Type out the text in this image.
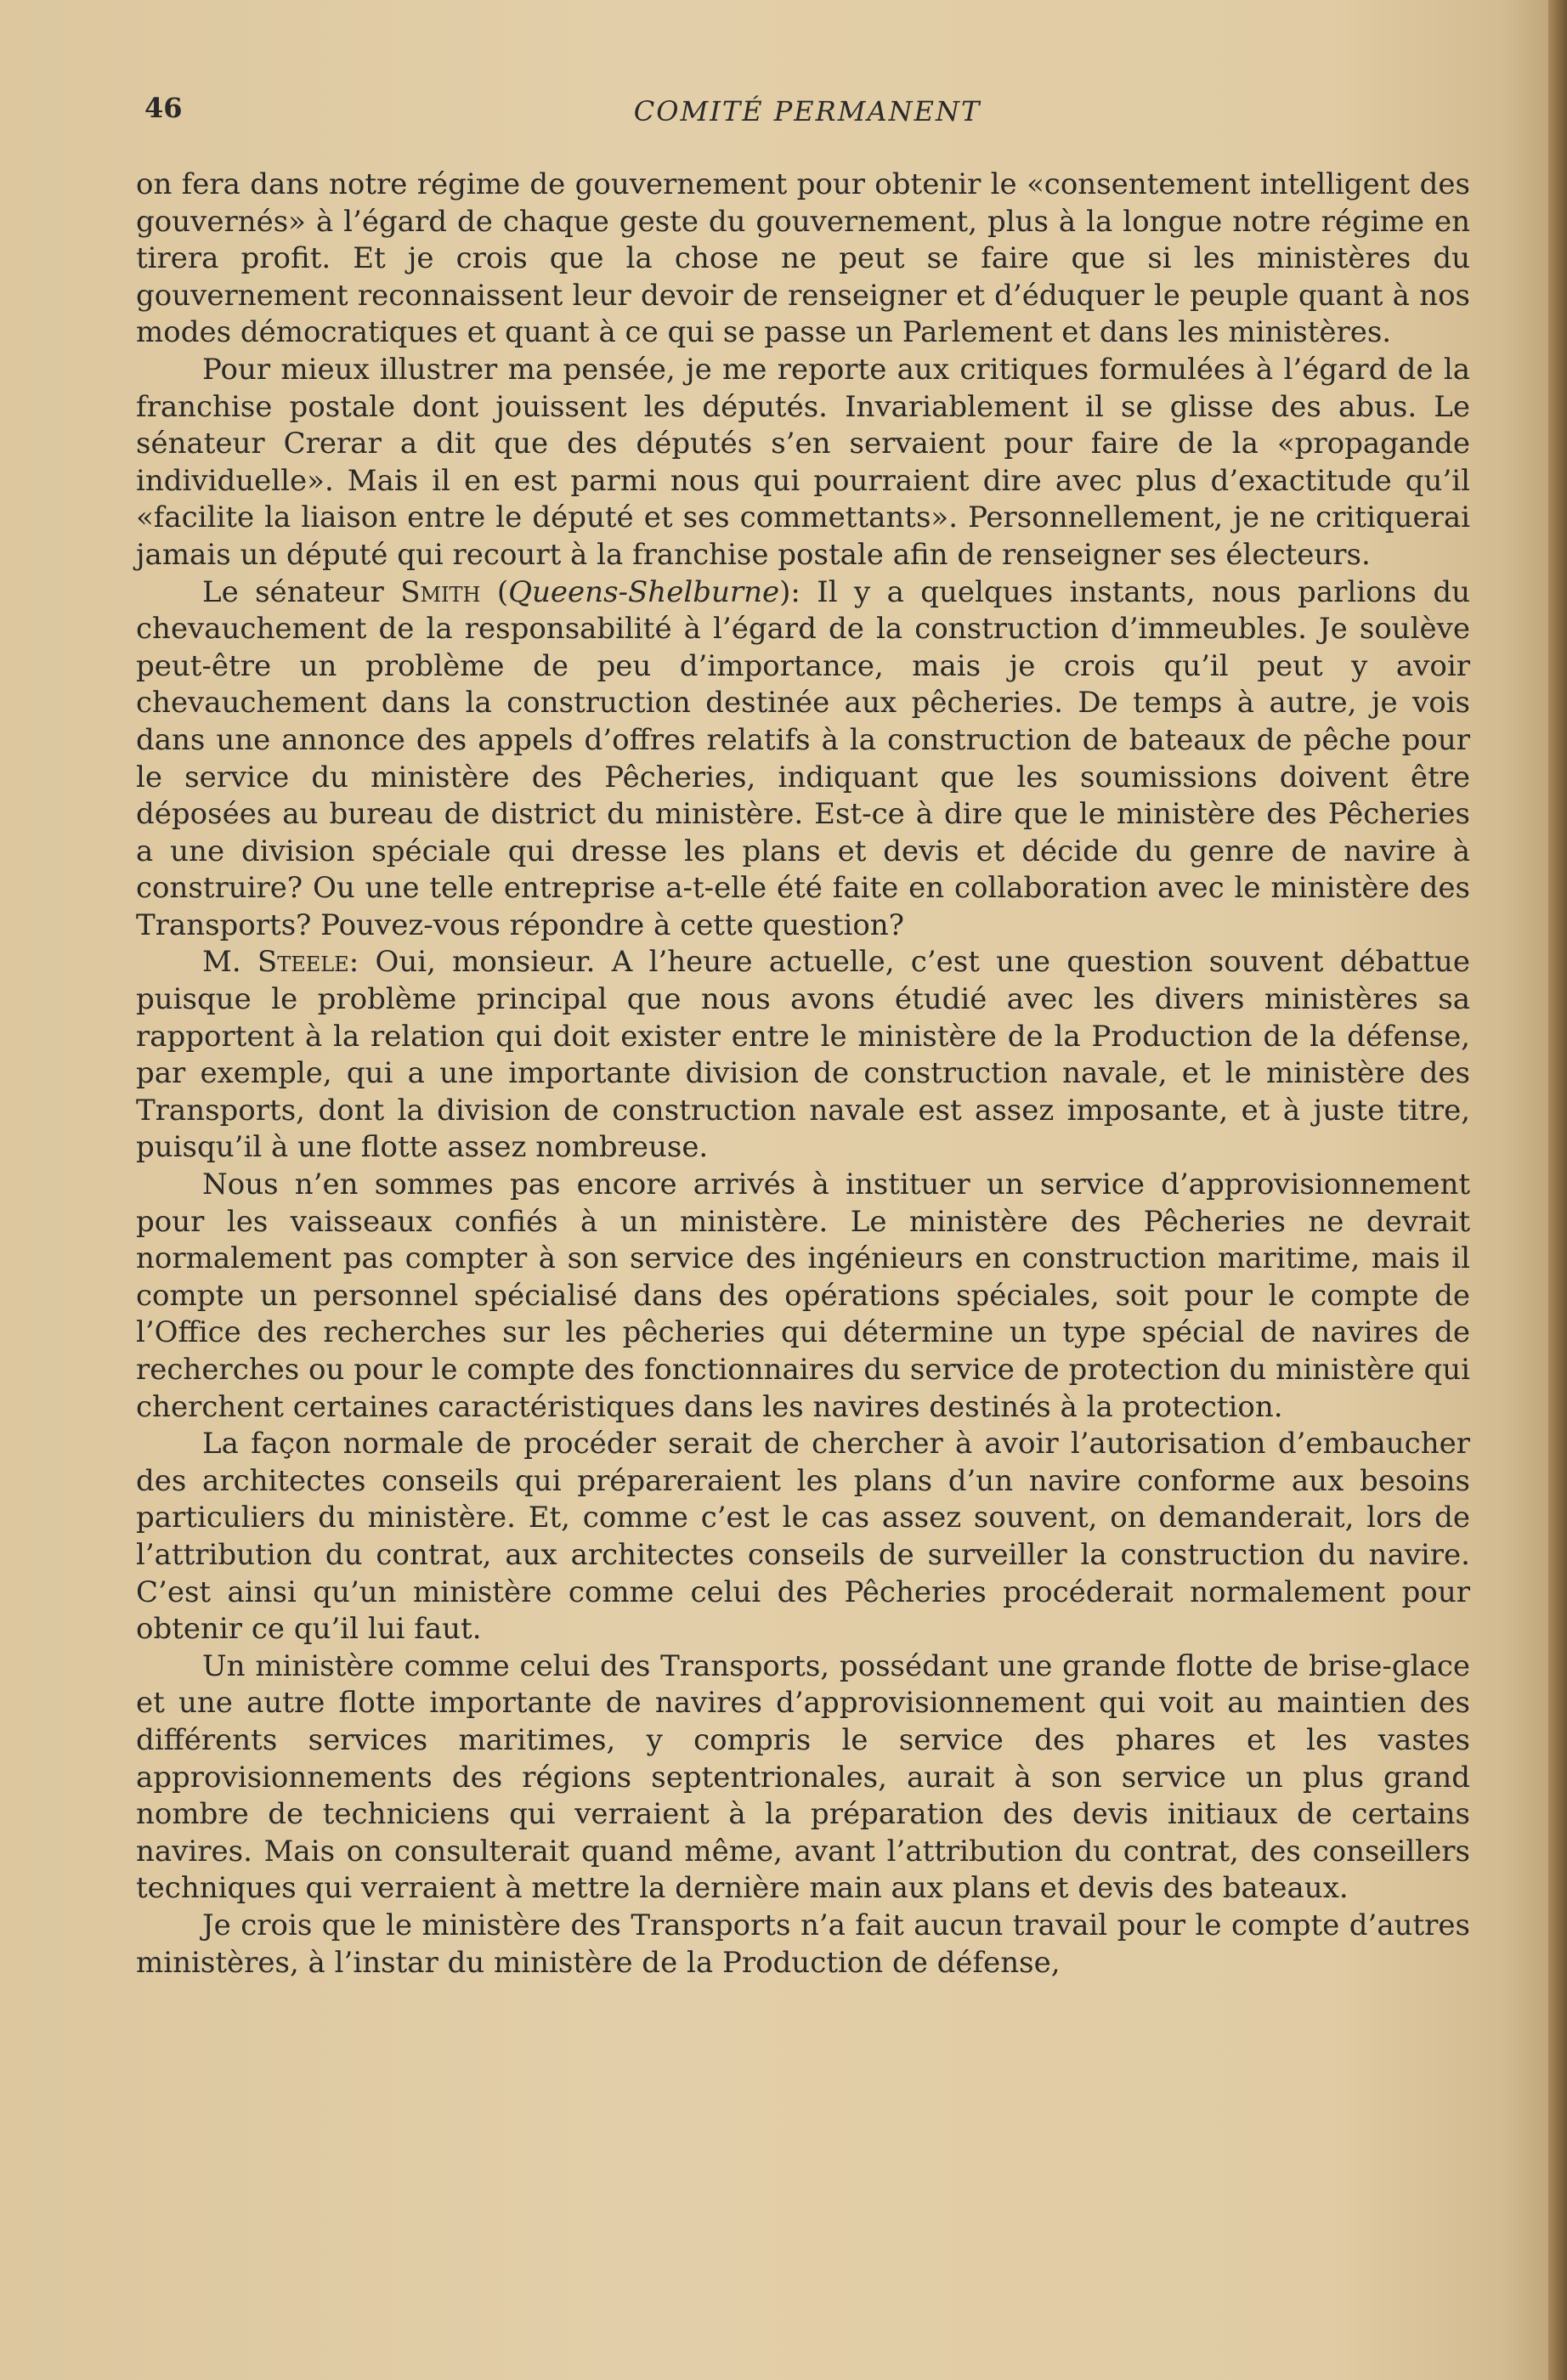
46	COMITÉ PERMANENT

on fera dans notre régime de gouvernement pour obtenir le «consentement intelligent des gouvernés» à l’égard de chaque geste du gouvernement, plus à la longue notre régime en tirera profit. Et je crois que la chose ne peut se faire que si les ministères du gouvernement reconnaissent leur devoir de renseigner et d’éduquer le peuple quant à nos modes démocratiques et quant à ce qui se passe un Parlement et dans les ministères.

Pour mieux illustrer ma pensée, je me reporte aux critiques formulées à l’égard de la franchise postale dont jouissent les députés. Invariablement il se glisse des abus. Le sénateur Crerar a dit que des députés s’en servaient pour faire de la «propagande individuelle». Mais il en est parmi nous qui pourraient dire avec plus d’exactitude qu’il «facilite la liaison entre le député et ses commettants». Personnellement, je ne critiquerai jamais un député qui recourt à la franchise postale afin de renseigner ses électeurs.

Le sénateur Smith (Queens-Shelburne): Il y a quelques instants, nous parlions du chevauchement de la responsabilité à l’égard de la construction d’immeubles. Je soulève peut-être un problème de peu d’importance, mais je crois qu’il peut y avoir chevauchement dans la construction destinée aux pêcheries. De temps à autre, je vois dans une annonce des appels d’offres relatifs à la construction de bateaux de pêche pour le service du ministère des Pêcheries, indiquant que les soumissions doivent être déposées au bureau de district du ministère. Est-ce à dire que le ministère des Pêcheries a une division spéciale qui dresse les plans et devis et décide du genre de navire à construire? Ou une telle entreprise a-t-elle été faite en collaboration avec le ministère des Transports? Pouvez-vous répondre à cette question?

M. Steele: Oui, monsieur. A l’heure actuelle, c’est une question souvent débattue puisque le problème principal que nous avons étudié avec les divers ministères sa rapportent à la relation qui doit exister entre le ministère de la Production de la défense, par exemple, qui a une importante division de construction navale, et le ministère des Transports, dont la division de construction navale est assez imposante, et à juste titre, puisqu’il à une flotte assez nombreuse.

Nous n’en sommes pas encore arrivés à instituer un service d’approvisionnement pour les vaisseaux confiés à un ministère. Le ministère des Pêcheries ne devrait normalement pas compter à son service des ingénieurs en construction maritime, mais il compte un personnel spécialisé dans des opérations spéciales, soit pour le compte de l’Office des recherches sur les pêcheries qui détermine un type spécial de navires de recherches ou pour le compte des fonctionnaires du service de protection du ministère qui cherchent certaines caractéristiques dans les navires destinés à la protection.

La façon normale de procéder serait de chercher à avoir l’autorisation d’embaucher des architectes conseils qui prépareraient les plans d’un navire conforme aux besoins particuliers du ministère. Et, comme c’est le cas assez souvent, on demanderait, lors de l’attribution du contrat, aux architectes conseils de surveiller la construction du navire. C’est ainsi qu’un ministère comme celui des Pêcheries procéderait normalement pour obtenir ce qu’il lui faut.

Un ministère comme celui des Transports, possédant une grande flotte de brise-glace et une autre flotte importante de navires d’approvisionnement qui voit au maintien des différents services maritimes, y compris le service des phares et les vastes approvisionnements des régions septentrionales, aurait à son service un plus grand nombre de techniciens qui verraient à la préparation des devis initiaux de certains navires. Mais on consulterait quand même, avant l’attribution du contrat, des conseillers techniques qui verraient à mettre la dernière main aux plans et devis des bateaux.

Je crois que le ministère des Transports n’a fait aucun travail pour le compte d’autres ministères, à l’instar du ministère de la Production de défense,
